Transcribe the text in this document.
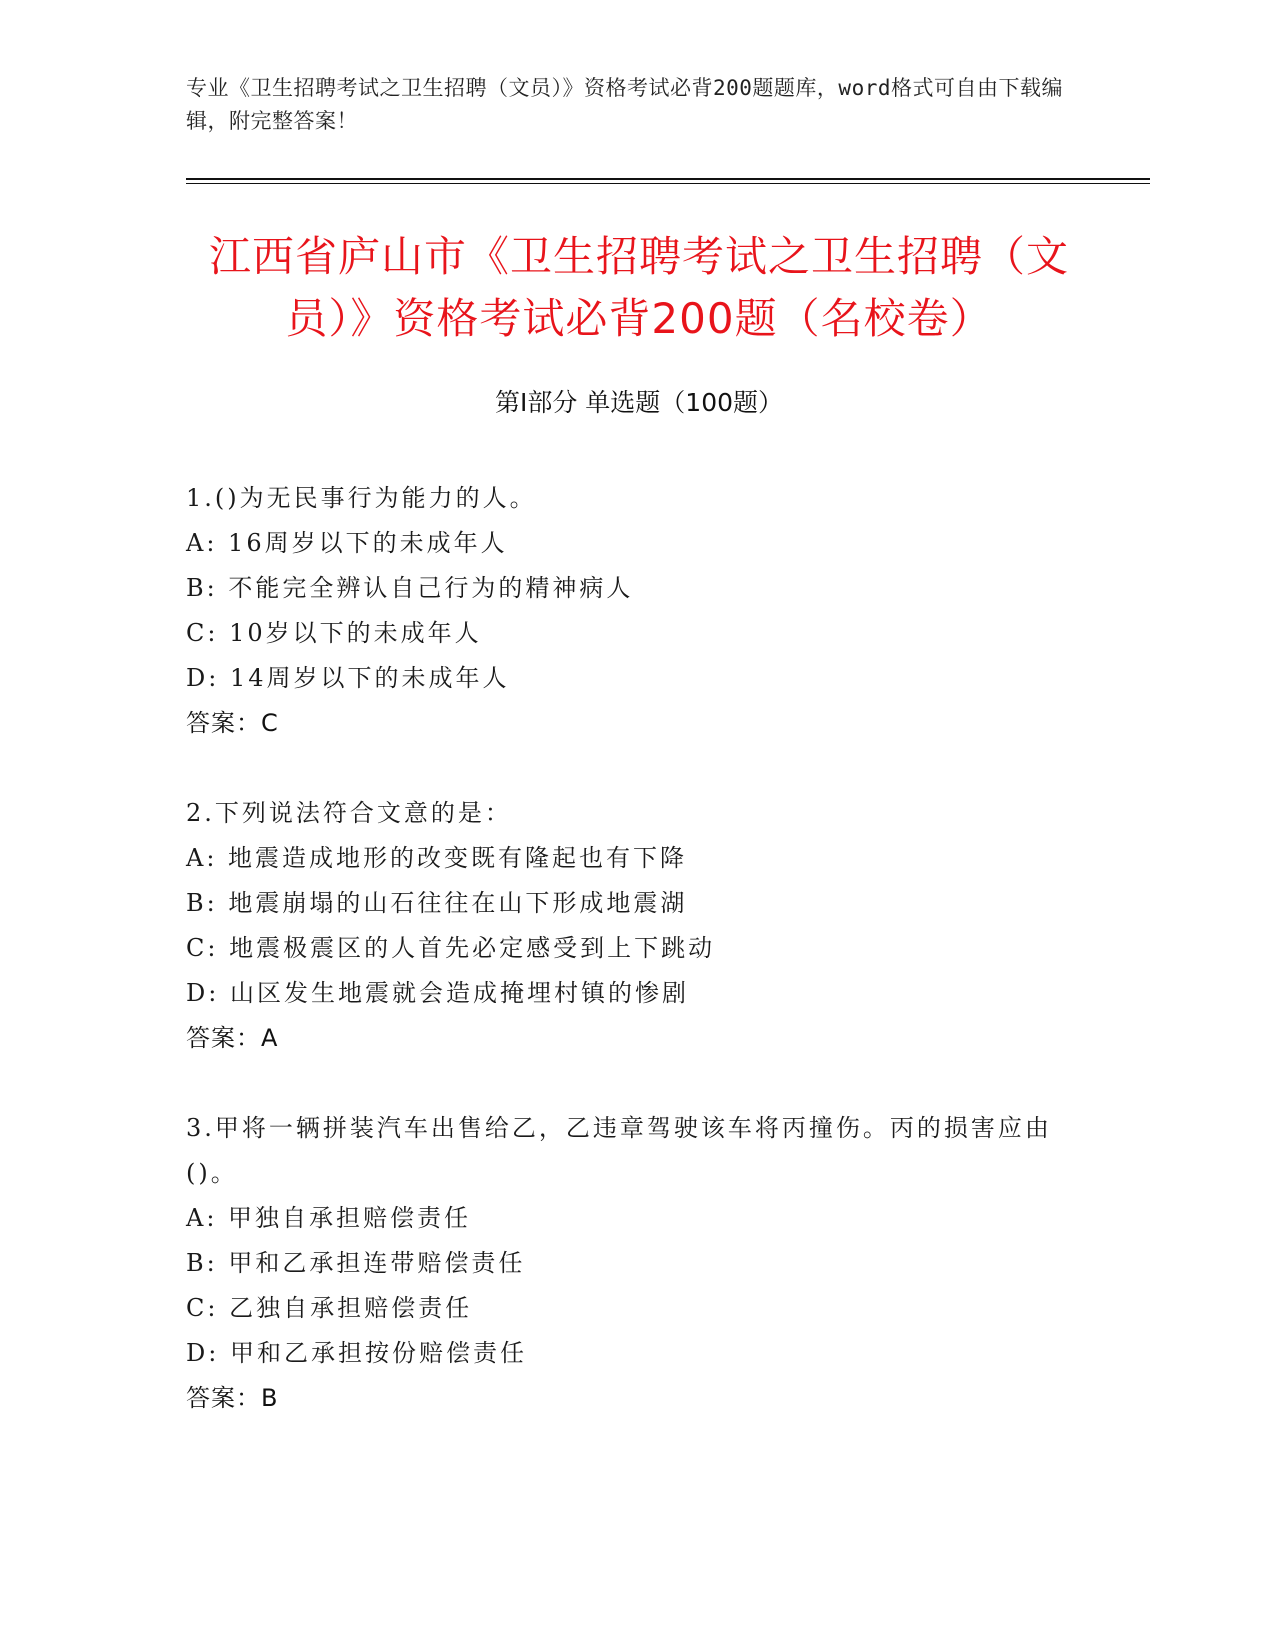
专业《卫生招聘考试之卫生招聘（文员）》资格考试必背200题题库，word格式可自由下载编辑，附完整答案！
江西省庐山市《卫生招聘考试之卫生招聘（文员）》资格考试必背200题（名校卷）
第Ⅰ部分 单选题（100题）
1.()为无民事行为能力的人。
A: 16周岁以下的未成年人
B: 不能完全辨认自己行为的精神病人
C: 10岁以下的未成年人
D: 14周岁以下的未成年人
答案：C
2.下列说法符合文意的是：
A: 地震造成地形的改变既有隆起也有下降
B: 地震崩塌的山石往往在山下形成地震湖
C: 地震极震区的人首先必定感受到上下跳动
D: 山区发生地震就会造成掩埋村镇的惨剧
答案：A
3.甲将一辆拼装汽车出售给乙，乙违章驾驶该车将丙撞伤。丙的损害应由()。
A: 甲独自承担赔偿责任
B: 甲和乙承担连带赔偿责任
C: 乙独自承担赔偿责任
D: 甲和乙承担按份赔偿责任
答案：B
